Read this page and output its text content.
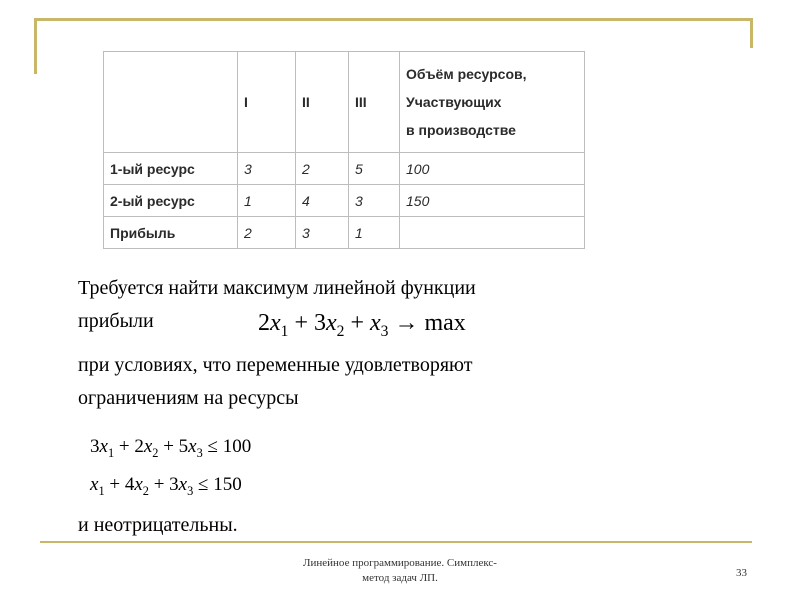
	I	II	III	Объём ресурсов,
Участвующих
в производстве

1-ый ресурс	3	2	5	100
2-ый ресурс	1	4	3	150
Прибыль	2	3	1	
Требуется найти максимум линейной функции
прибыли	$2x_1 + 3x_2 + x_3 \to \max$
при условиях, что переменные удовлетворяют
ограничениям на ресурсы
$3x_1 + 2x_2 + 5x_3 \le 100$
$x_1 + 4x_2 + 3x_3 \le 150$
и неотрицательны.
Линейное программирование. Симплекс-
метод задач ЛП.	33
